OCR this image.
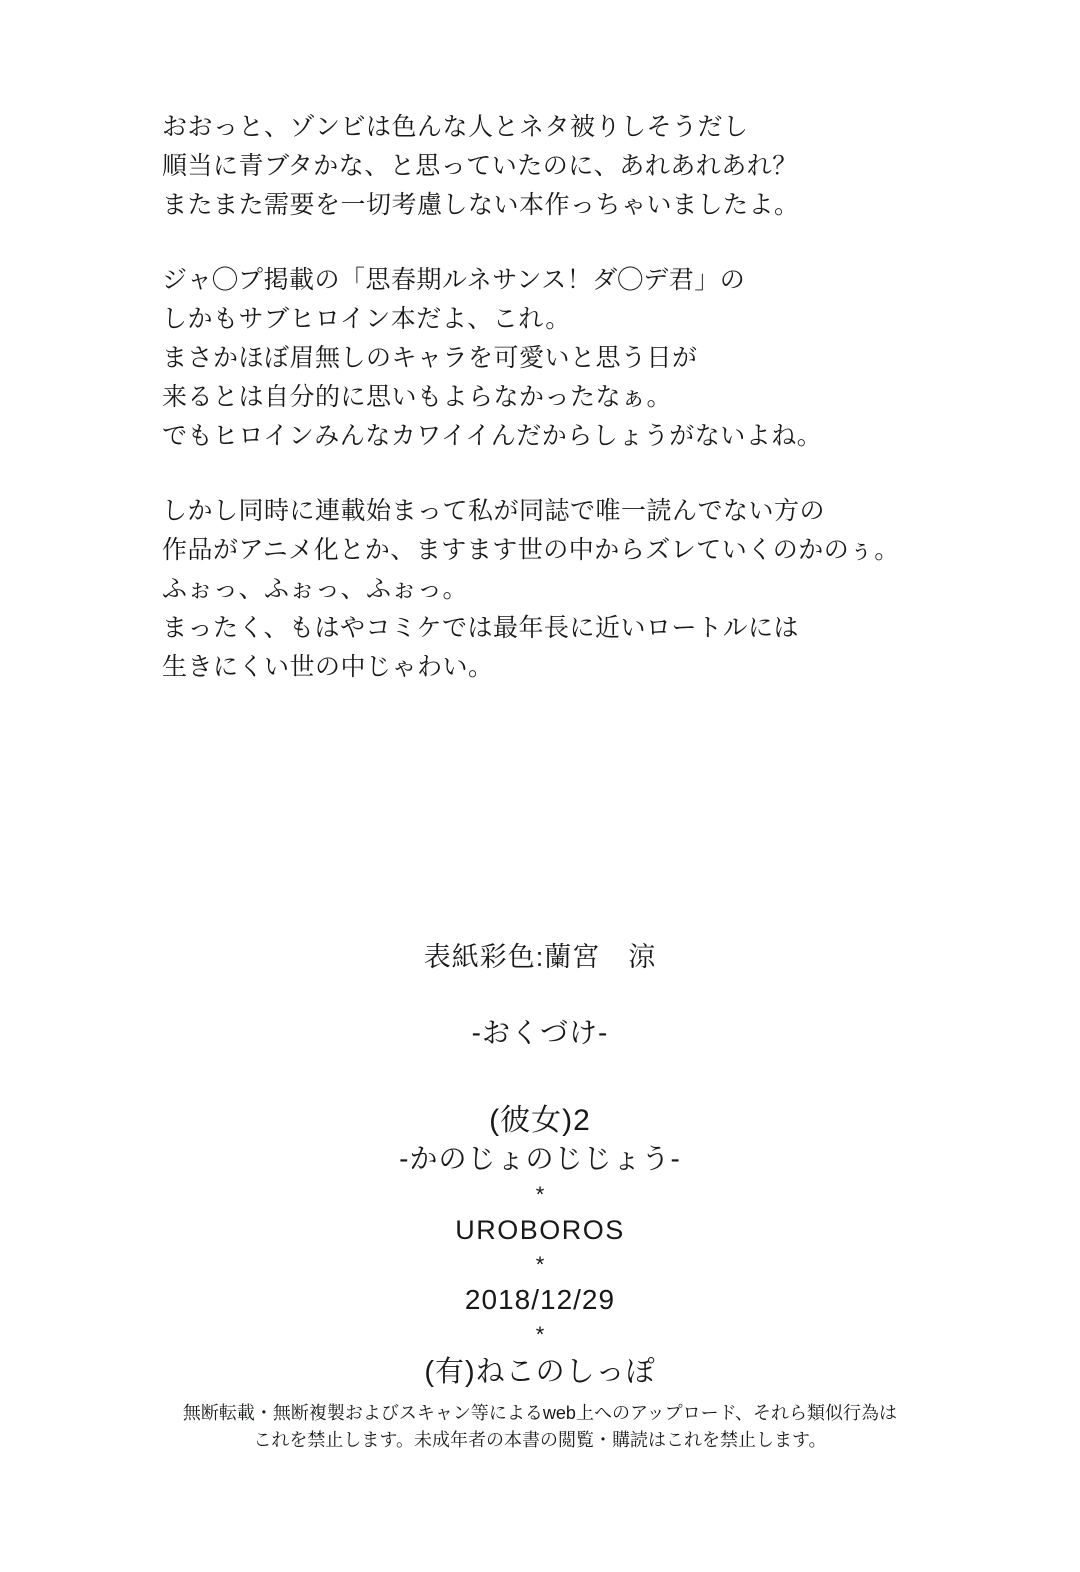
おおっと、ゾンビは色んな人とネタ被りしそうだし
順当に青ブタかな、と思っていたのに、あれあれあれ？
またまた需要を一切考慮しない本作っちゃいましたよ。
ジャ◯プ掲載の「思春期ルネサンス！ダ◯デ君」の
しかもサブヒロイン本だよ、これ。
まさかほぼ眉無しのキャラを可愛いと思う日が
来るとは自分的に思いもよらなかったなぁ。
でもヒロインみんなカワイイんだからしょうがないよね。
しかし同時に連載始まって私が同誌で唯一読んでない方の
作品がアニメ化とか、ますます世の中からズレていくのかのぅ。
ふぉっ、ふぉっ、ふぉっ。
まったく、もはやコミケでは最年長に近いロートルには
生きにくい世の中じゃわい。
表紙彩色:蘭宮　涼
-おくづけ-
(彼女)2
-かのじょのじじょう-
*
UROBOROS
*
2018/12/29
*
(有)ねこのしっぽ
無断転載・無断複製およびスキャン等によるweb上へのアップロード、それら類似行為は
これを禁止します。未成年者の本書の閲覧・購読はこれを禁止します。
